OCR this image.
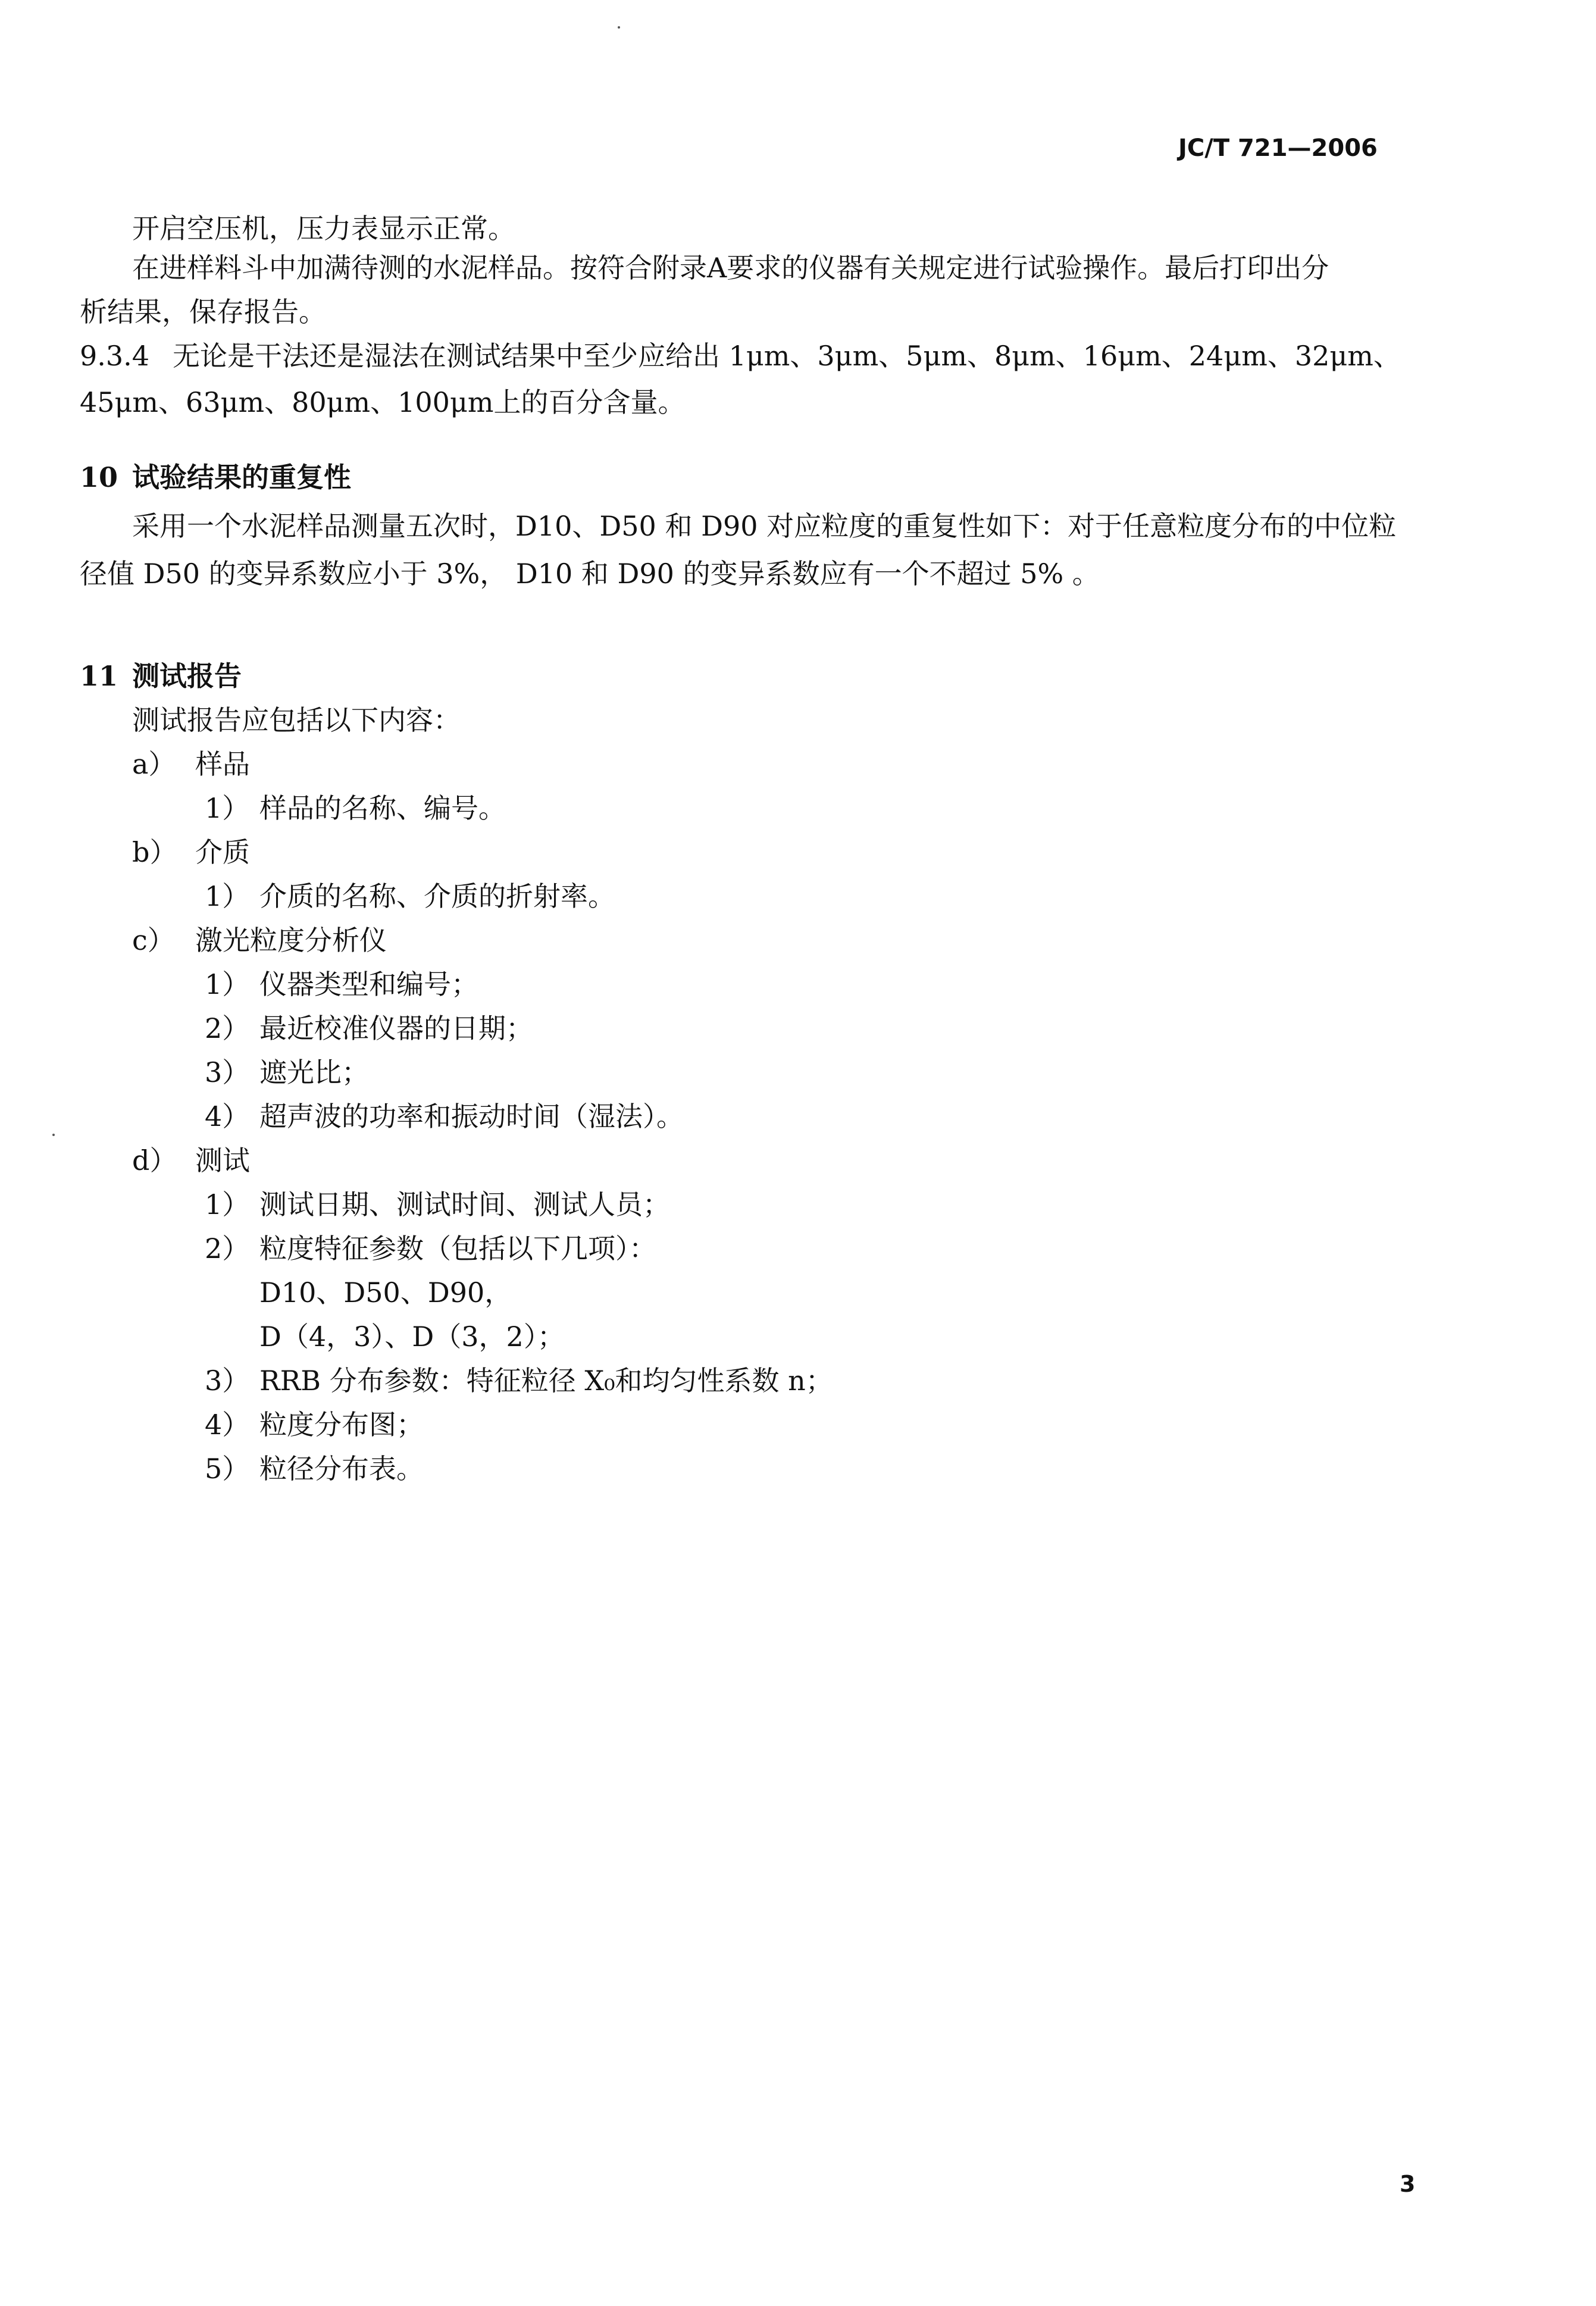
JC/T 721—2006
开启空压机，压力表显示正常。
在进样料斗中加满待测的水泥样品。按符合附录A要求的仪器有关规定进行试验操作。最后打印出分
析结果，保存报告。
9.3.4 无论是干法还是湿法在测试结果中至少应给出 1μm、3μm、5μm、8μm、16μm、24μm、32μm、
45μm、63μm、80μm、100μm上的百分含量。
10 试验结果的重复性
采用一个水泥样品测量五次时，D10、D50 和 D90 对应粒度的重复性如下：对于任意粒度分布的中位粒
径值 D50 的变异系数应小于 3%， D10 和 D90 的变异系数应有一个不超过 5% 。
11 测试报告
测试报告应包括以下内容：
a） 样品
1） 样品的名称、编号。
b） 介质
1） 介质的名称、介质的折射率。
c） 激光粒度分析仪
1） 仪器类型和编号；
2） 最近校准仪器的日期；
3） 遮光比；
4） 超声波的功率和振动时间（湿法）。
d） 测试
1） 测试日期、测试时间、测试人员；
2） 粒度特征参数（包括以下几项）：
D10、D50、D90，
D（4，3）、D（3，2）；
3） RRB 分布参数：特征粒径 X₀和均匀性系数 n；
4） 粒度分布图；
5） 粒径分布表。
3
